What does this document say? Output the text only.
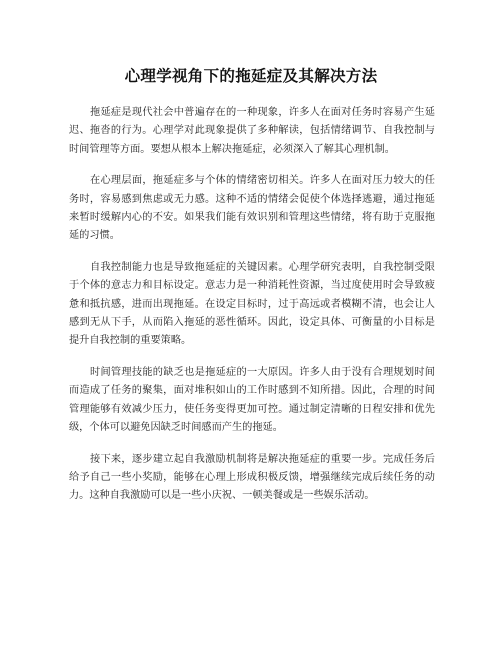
心理学视角下的拖延症及其解决方法

拖延症是现代社会中普遍存在的一种现象，许多人在面对任务时容易产生延迟、拖沓的行为。心理学对此现象提供了多种解读，包括情绪调节、自我控制与时间管理等方面。要想从根本上解决拖延症，必须深入了解其心理机制。

在心理层面，拖延症多与个体的情绪密切相关。许多人在面对压力较大的任务时，容易感到焦虑或无力感。这种不适的情绪会促使个体选择逃避，通过拖延来暂时缓解内心的不安。如果我们能有效识别和管理这些情绪，将有助于克服拖延的习惯。

自我控制能力也是导致拖延症的关键因素。心理学研究表明，自我控制受限于个体的意志力和目标设定。意志力是一种消耗性资源，当过度使用时会导致疲惫和抵抗感，进而出现拖延。在设定目标时，过于高远或者模糊不清，也会让人感到无从下手，从而陷入拖延的恶性循环。因此，设定具体、可衡量的小目标是提升自我控制的重要策略。

时间管理技能的缺乏也是拖延症的一大原因。许多人由于没有合理规划时间而造成了任务的聚集，面对堆积如山的工作时感到不知所措。因此，合理的时间管理能够有效减少压力，使任务变得更加可控。通过制定清晰的日程安排和优先级，个体可以避免因缺乏时间感而产生的拖延。

接下来，逐步建立起自我激励机制将是解决拖延症的重要一步。完成任务后给予自己一些小奖励，能够在心理上形成积极反馈，增强继续完成后续任务的动力。这种自我激励可以是一些小庆祝、一顿美餐或是一些娱乐活动。
